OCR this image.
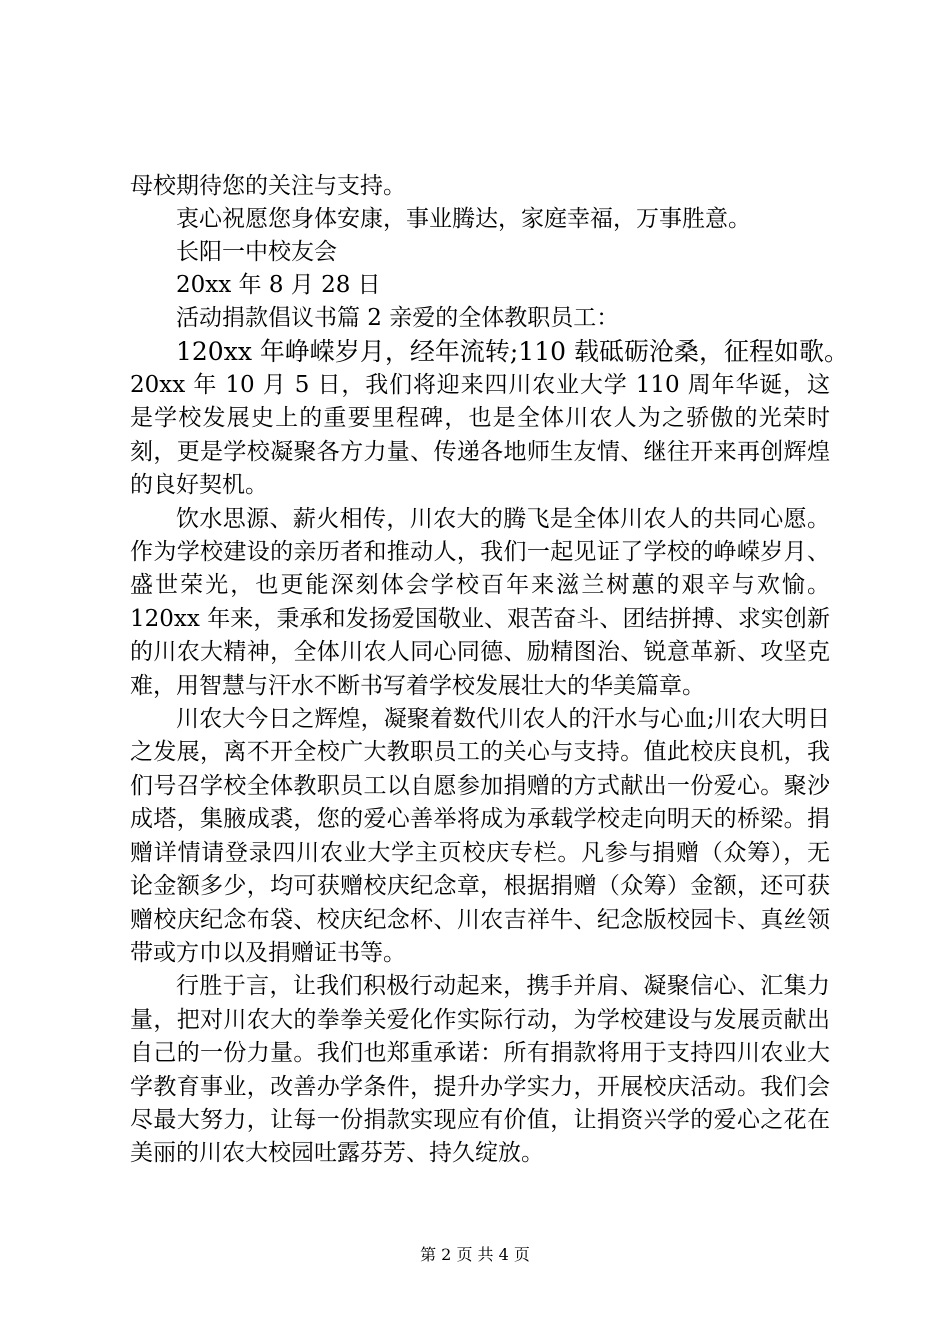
母校期待您的关注与支持。
衷心祝愿您身体安康，事业腾达，家庭幸福，万事胜意。
长阳一中校友会
20xx 年 8 月 28 日
活动捐款倡议书篇 2 亲爱的全体教职员工：
120xx 年峥嵘岁月，经年流转;110 载砥砺沧桑，征程如歌。

20xx 年 10 月 5 日，我们将迎来四川农业大学 110 周年华诞，这是学校发展史上的重要里程碑，也是全体川农人为之骄傲的光荣时刻，更是学校凝聚各方力量、传递各地师生友情、继往开来再创辉煌的良好契机。

饮水思源、薪火相传，川农大的腾飞是全体川农人的共同心愿。作为学校建设的亲历者和推动人，我们一起见证了学校的峥嵘岁月、盛世荣光，也更能深刻体会学校百年来滋兰树蕙的艰辛与欢愉。120xx 年来，秉承和发扬爱国敬业、艰苦奋斗、团结拼搏、求实创新的川农大精神，全体川农人同心同德、励精图治、锐意革新、攻坚克难，用智慧与汗水不断书写着学校发展壮大的华美篇章。

川农大今日之辉煌，凝聚着数代川农人的汗水与心血;川农大明日之发展，离不开全校广大教职员工的关心与支持。值此校庆良机，我们号召学校全体教职员工以自愿参加捐赠的方式献出一份爱心。聚沙成塔，集腋成裘，您的爱心善举将成为承载学校走向明天的桥梁。捐赠详情请登录四川农业大学主页校庆专栏。凡参与捐赠（众筹），无论金额多少，均可获赠校庆纪念章，根据捐赠（众筹）金额，还可获赠校庆纪念布袋、校庆纪念杯、川农吉祥牛、纪念版校园卡、真丝领带或方巾以及捐赠证书等。

行胜于言，让我们积极行动起来，携手并肩、凝聚信心、汇集力量，把对川农大的拳拳关爱化作实际行动，为学校建设与发展贡献出自己的一份力量。我们也郑重承诺：所有捐款将用于支持四川农业大学教育事业，改善办学条件，提升办学实力，开展校庆活动。我们会尽最大努力，让每一份捐款实现应有价值，让捐资兴学的爱心之花在美丽的川农大校园吐露芬芳、持久绽放。

第 2 页 共 4 页
